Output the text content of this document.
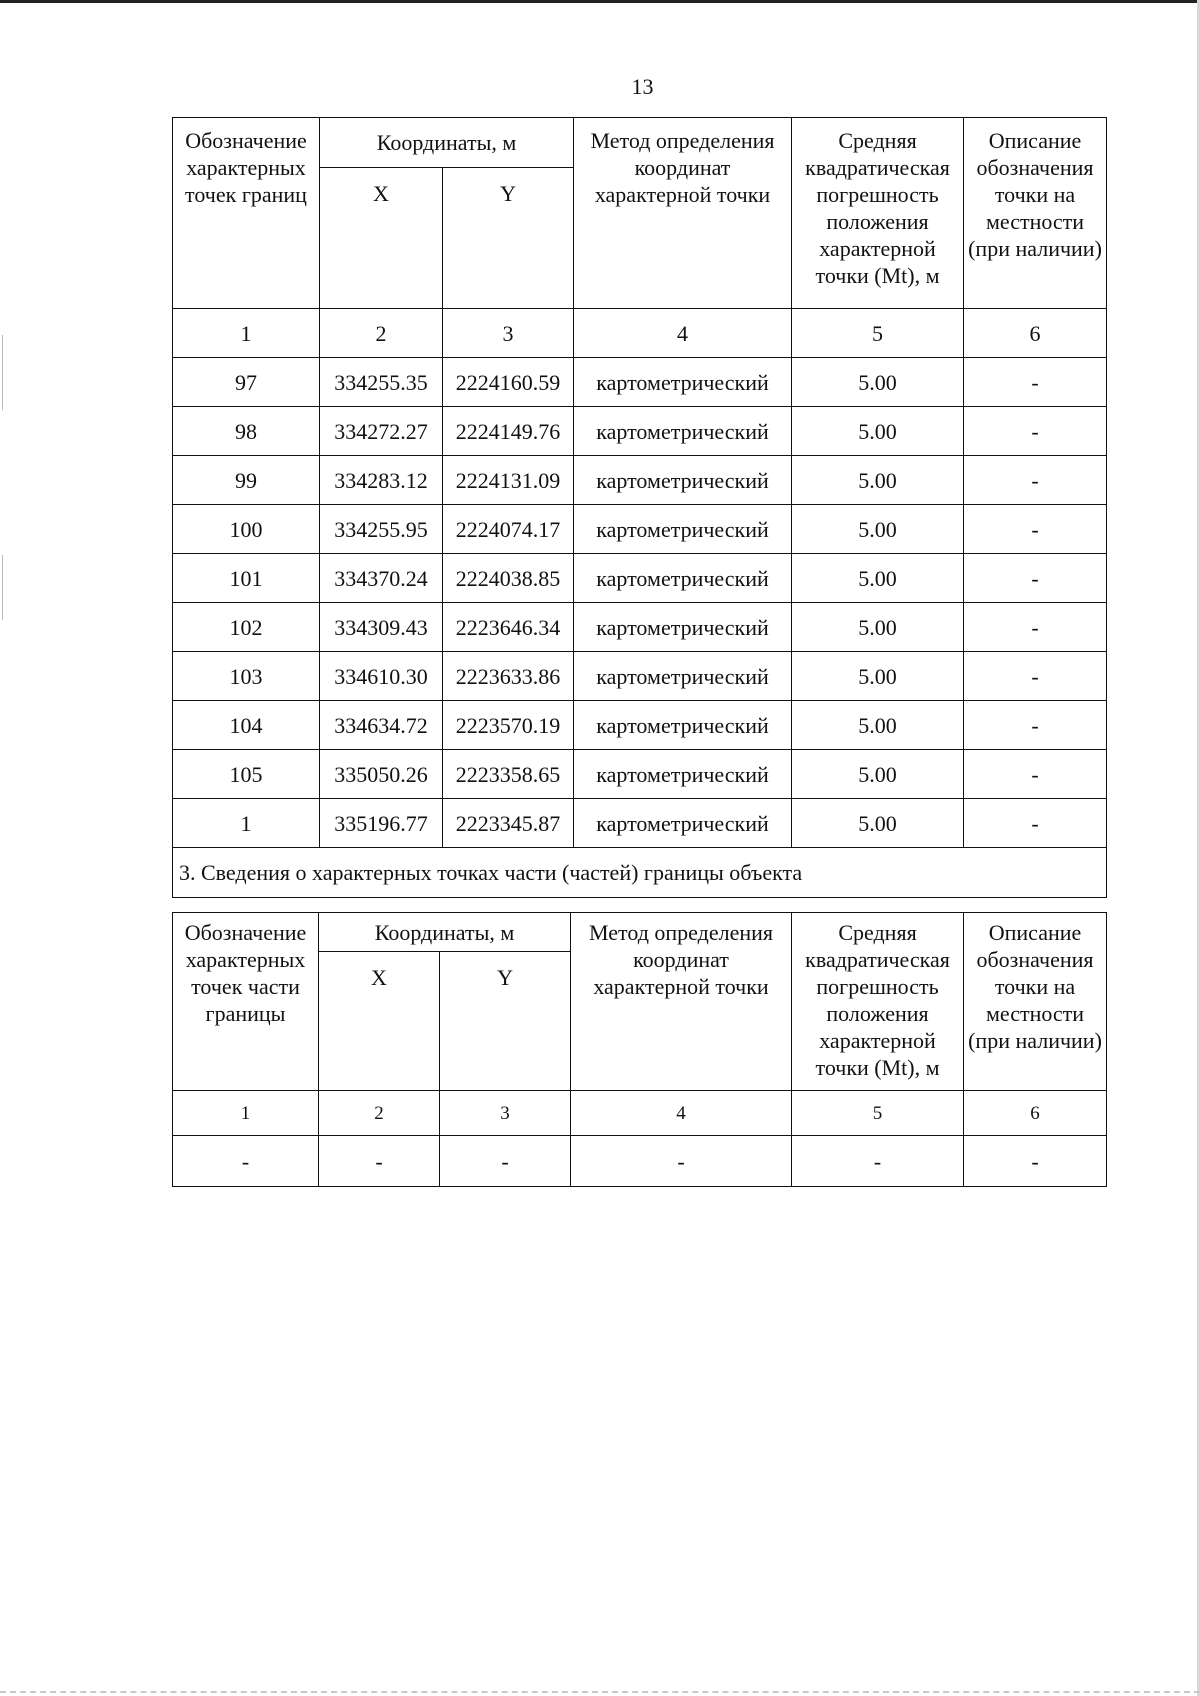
13
Обозначение характерных точек границ	Координаты, м		Метод определения координат характерной точки	Средняя квадратическая погрешность положения характерной точки (Mt), м	Описание обозначения точки на местности (при наличии)
	X	Y			
1	2	3	4	5	6
97	334255.35	2224160.59	картометрический	5.00	-
98	334272.27	2224149.76	картометрический	5.00	-
99	334283.12	2224131.09	картометрический	5.00	-
100	334255.95	2224074.17	картометрический	5.00	-
101	334370.24	2224038.85	картометрический	5.00	-
102	334309.43	2223646.34	картометрический	5.00	-
103	334610.30	2223633.86	картометрический	5.00	-
104	334634.72	2223570.19	картометрический	5.00	-
105	335050.26	2223358.65	картометрический	5.00	-
1	335196.77	2223345.87	картометрический	5.00	-
3. Сведения о характерных точках части (частей) границы объекта					
Обозначение характерных точек части границы	Координаты, м		Метод определения координат характерной точки	Средняя квадратическая погрешность положения характерной точки (Mt), м	Описание обозначения точки на местности (при наличии)
	X	Y			
1	2	3	4	5	6
-	-	-	-	-	-
